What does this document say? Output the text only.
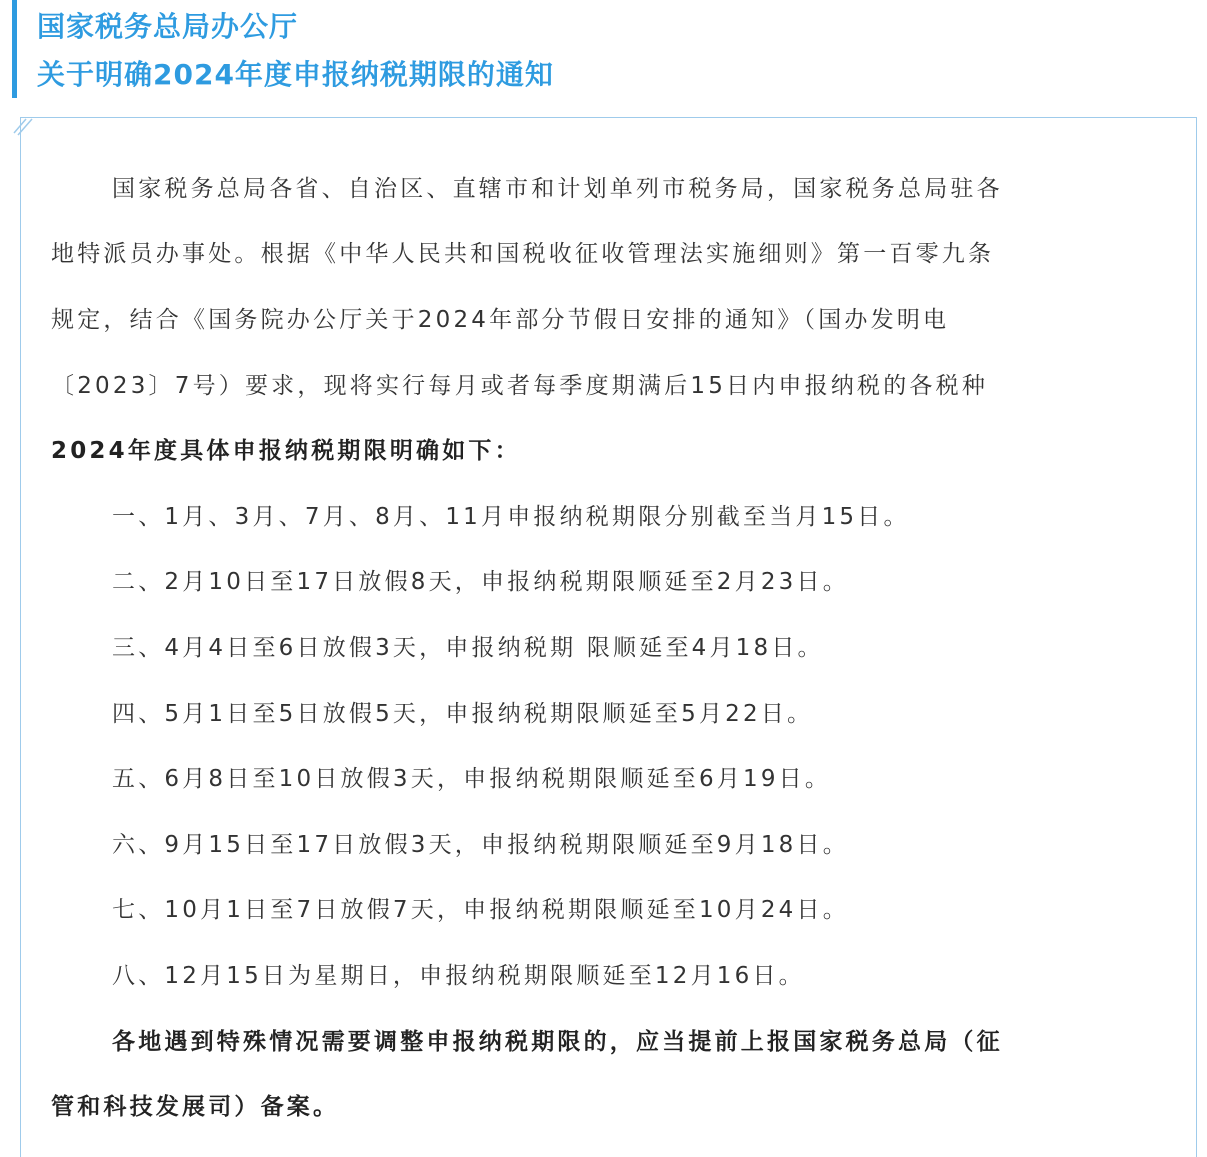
国家税务总局办公厅
关于明确2024年度申报纳税期限的通知
国家税务总局各省、自治区、直辖市和计划单列市税务局，国家税务总局驻各
地特派员办事处。根据《中华人民共和国税收征收管理法实施细则》第一百零九条
规定，结合《国务院办公厅关于2024年部分节假日安排的通知》（国办发明电
〔2023〕7号）要求，现将实行每月或者每季度期满后15日内申报纳税的各税种
2024年度具体申报纳税期限明确如下：
一、1月、3月、7月、8月、11月申报纳税期限分别截至当月15日。
二、2月10日至17日放假8天，申报纳税期限顺延至2月23日。
三、4月4日至6日放假3天，申报纳税期 限顺延至4月18日。
四、5月1日至5日放假5天，申报纳税期限顺延至5月22日。
五、6月8日至10日放假3天，申报纳税期限顺延至6月19日。
六、9月15日至17日放假3天，申报纳税期限顺延至9月18日。
七、10月1日至7日放假7天，申报纳税期限顺延至10月24日。
八、12月15日为星期日，申报纳税期限顺延至12月16日。
各地遇到特殊情况需要调整申报纳税期限的，应当提前上报国家税务总局（征
管和科技发展司）备案。
